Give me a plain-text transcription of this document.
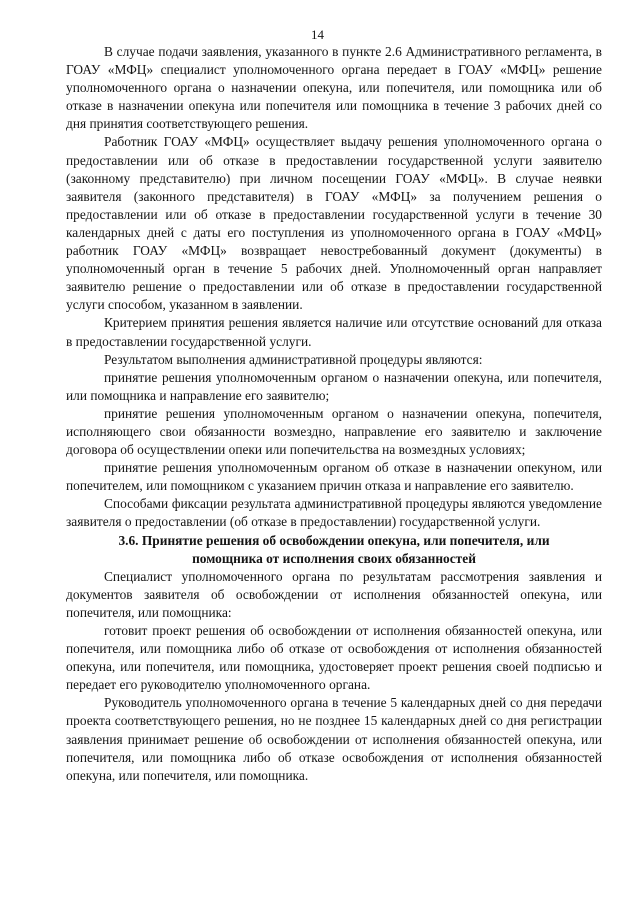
14

В случае подачи заявления, указанного в пункте 2.6 Административного регламента, в ГОАУ «МФЦ» специалист уполномоченного органа передает в ГОАУ «МФЦ» решение уполномоченного органа о назначении опекуна, или попечителя, или помощника или об отказе в назначении опекуна или попечителя или помощника в течение 3 рабочих дней со дня принятия соответствующего решения.

Работник ГОАУ «МФЦ» осуществляет выдачу решения уполномоченного органа о предоставлении или об отказе в предоставлении государственной услуги заявителю (законному представителю) при личном посещении ГОАУ «МФЦ». В случае неявки заявителя (законного представителя) в ГОАУ «МФЦ» за получением решения о предоставлении или об отказе в предоставлении государственной услуги в течение 30 календарных дней с даты его поступления из уполномоченного органа в ГОАУ «МФЦ» работник ГОАУ «МФЦ» возвращает невостребованный документ (документы) в уполномоченный орган в течение 5 рабочих дней. Уполномоченный орган направляет заявителю решение о предоставлении или об отказе в предоставлении государственной услуги способом, указанном в заявлении.

Критерием принятия решения является наличие или отсутствие оснований для отказа в предоставлении государственной услуги.

Результатом выполнения административной процедуры являются:

принятие решения уполномоченным органом о назначении опекуна, или попечителя, или помощника и направление его заявителю;

принятие решения уполномоченным органом о назначении опекуна, попечителя, исполняющего свои обязанности возмездно, направление его заявителю и заключение договора об осуществлении опеки или попечительства на возмездных условиях;

принятие решения уполномоченным органом об отказе в назначении опекуном, или попечителем, или помощником с указанием причин отказа и направление его заявителю.

Способами фиксации результата административной процедуры являются уведомление заявителя о предоставлении (об отказе в предоставлении) государственной услуги.

3.6. Принятие решения об освобождении опекуна, или попечителя, или помощника от исполнения своих обязанностей

Специалист уполномоченного органа по результатам рассмотрения заявления и документов заявителя об освобождении от исполнения обязанностей опекуна, или попечителя, или помощника:

готовит проект решения об освобождении от исполнения обязанностей опекуна, или попечителя, или помощника либо об отказе от освобождения от исполнения обязанностей опекуна, или попечителя, или помощника, удостоверяет проект решения своей подписью и передает его руководителю уполномоченного органа.

Руководитель уполномоченного органа в течение 5 календарных дней со дня передачи проекта соответствующего решения, но не позднее 15 календарных дней со дня регистрации заявления принимает решение об освобождении от исполнения обязанностей опекуна, или попечителя, или помощника либо об отказе освобождения от исполнения обязанностей опекуна, или попечителя, или помощника.
